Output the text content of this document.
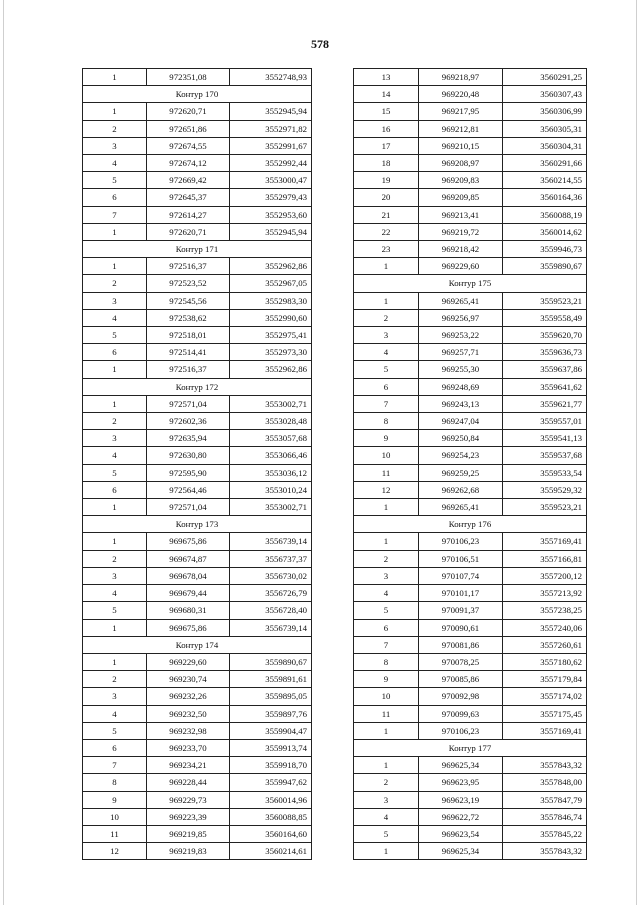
578
1	972351,08	3552748,93
Контур 170		
1	972620,71	3552945,94
2	972651,86	3552971,82
3	972674,55	3552991,67
4	972674,12	3552992,44
5	972669,42	3553000,47
6	972645,37	3552979,43
7	972614,27	3552953,60
1	972620,71	3552945,94
Контур 171		
1	972516,37	3552962,86
2	972523,52	3552967,05
3	972545,56	3552983,30
4	972538,62	3552990,60
5	972518,01	3552975,41
6	972514,41	3552973,30
1	972516,37	3552962,86
Контур 172		
1	972571,04	3553002,71
2	972602,36	3553028,48
3	972635,94	3553057,68
4	972630,80	3553066,46
5	972595,90	3553036,12
6	972564,46	3553010,24
1	972571,04	3553002,71
Контур 173		
1	969675,86	3556739,14
2	969674,87	3556737,37
3	969678,04	3556730,02
4	969679,44	3556726,79
5	969680,31	3556728,40
1	969675,86	3556739,14
Контур 174		
1	969229,60	3559890,67
2	969230,74	3559891,61
3	969232,26	3559895,05
4	969232,50	3559897,76
5	969232,98	3559904,47
6	969233,70	3559913,74
7	969234,21	3559918,70
8	969228,44	3559947,62
9	969229,73	3560014,96
10	969223,39	3560088,85
11	969219,85	3560164,60
12	969219,83	3560214,61
13	969218,97	3560291,25
14	969220,48	3560307,43
15	969217,95	3560306,99
16	969212,81	3560305,31
17	969210,15	3560304,31
18	969208,97	3560291,66
19	969209,83	3560214,55
20	969209,85	3560164,36
21	969213,41	3560088,19
22	969219,72	3560014,62
23	969218,42	3559946,73
1	969229,60	3559890,67
Контур 175		
1	969265,41	3559523,21
2	969256,97	3559558,49
3	969253,22	3559620,70
4	969257,71	3559636,73
5	969255,30	3559637,86
6	969248,69	3559641,62
7	969243,13	3559621,77
8	969247,04	3559557,01
9	969250,84	3559541,13
10	969254,23	3559537,68
11	969259,25	3559533,54
12	969262,68	3559529,32
1	969265,41	3559523,21
Контур 176		
1	970106,23	3557169,41
2	970106,51	3557166,81
3	970107,74	3557200,12
4	970101,17	3557213,92
5	970091,37	3557238,25
6	970090,61	3557240,06
7	970081,86	3557260,61
8	970078,25	3557180,62
9	970085,86	3557179,84
10	970092,98	3557174,02
11	970099,63	3557175,45
1	970106,23	3557169,41
Контур 177		
1	969625,34	3557843,32
2	969623,95	3557848,00
3	969623,19	3557847,79
4	969622,72	3557846,74
5	969623,54	3557845,22
1	969625,34	3557843,32
